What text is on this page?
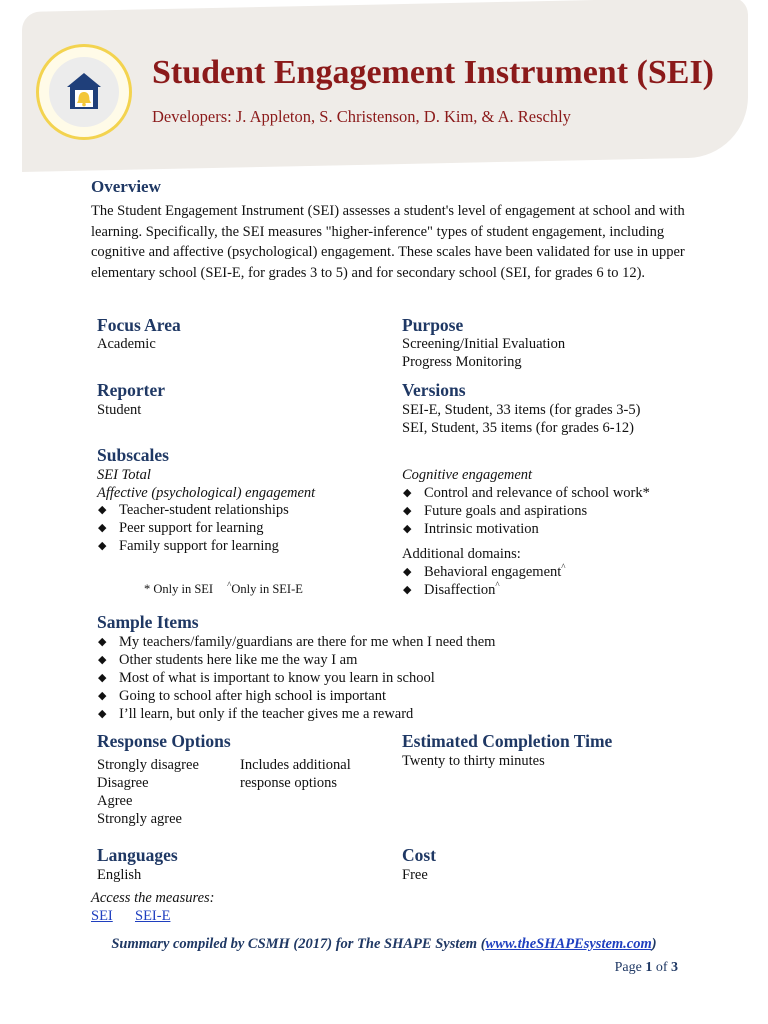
Student Engagement Instrument (SEI)
Developers: J. Appleton, S. Christenson, D. Kim, & A. Reschly
Overview

The Student Engagement Instrument (SEI) assesses a student's level of engagement at school and with learning. Specifically, the SEI measures "higher-inference" types of student engagement, including cognitive and affective (psychological) engagement. These scales have been validated for use in upper elementary school (SEI-E, for grades 3 to 5) and for secondary school (SEI, for grades 6 to 12).

Focus Area
Academic
Purpose
Screening/Initial Evaluation
Progress Monitoring
Reporter
Student
Versions
SEI-E, Student, 33 items (for grades 3-5)
SEI, Student, 35 items (for grades 6-12)
Subscales
SEI Total
Affective (psychological) engagement
◆ Teacher-student relationships
◆ Peer support for learning
◆ Family support for learning
Cognitive engagement
◆ Control and relevance of school work*
◆ Future goals and aspirations
◆ Intrinsic motivation
Additional domains:
◆ Behavioral engagement^
◆ Disaffection^
* Only in SEI ^Only in SEI-E
Sample Items
◆ My teachers/family/guardians are there for me when I need them
◆ Other students here like me the way I am
◆ Most of what is important to know you learn in school
◆ Going to school after high school is important
◆ I’ll learn, but only if the teacher gives me a reward
Response Options
Strongly disagree
Disagree
Agree
Strongly agree
Includes additional
response options
Estimated Completion Time
Twenty to thirty minutes
Languages
English
Cost
Free
Access the measures:
SEI SEI-E
Summary compiled by CSMH (2017) for The SHAPE System (www.theSHAPEsystem.com)
Page 1 of 3
